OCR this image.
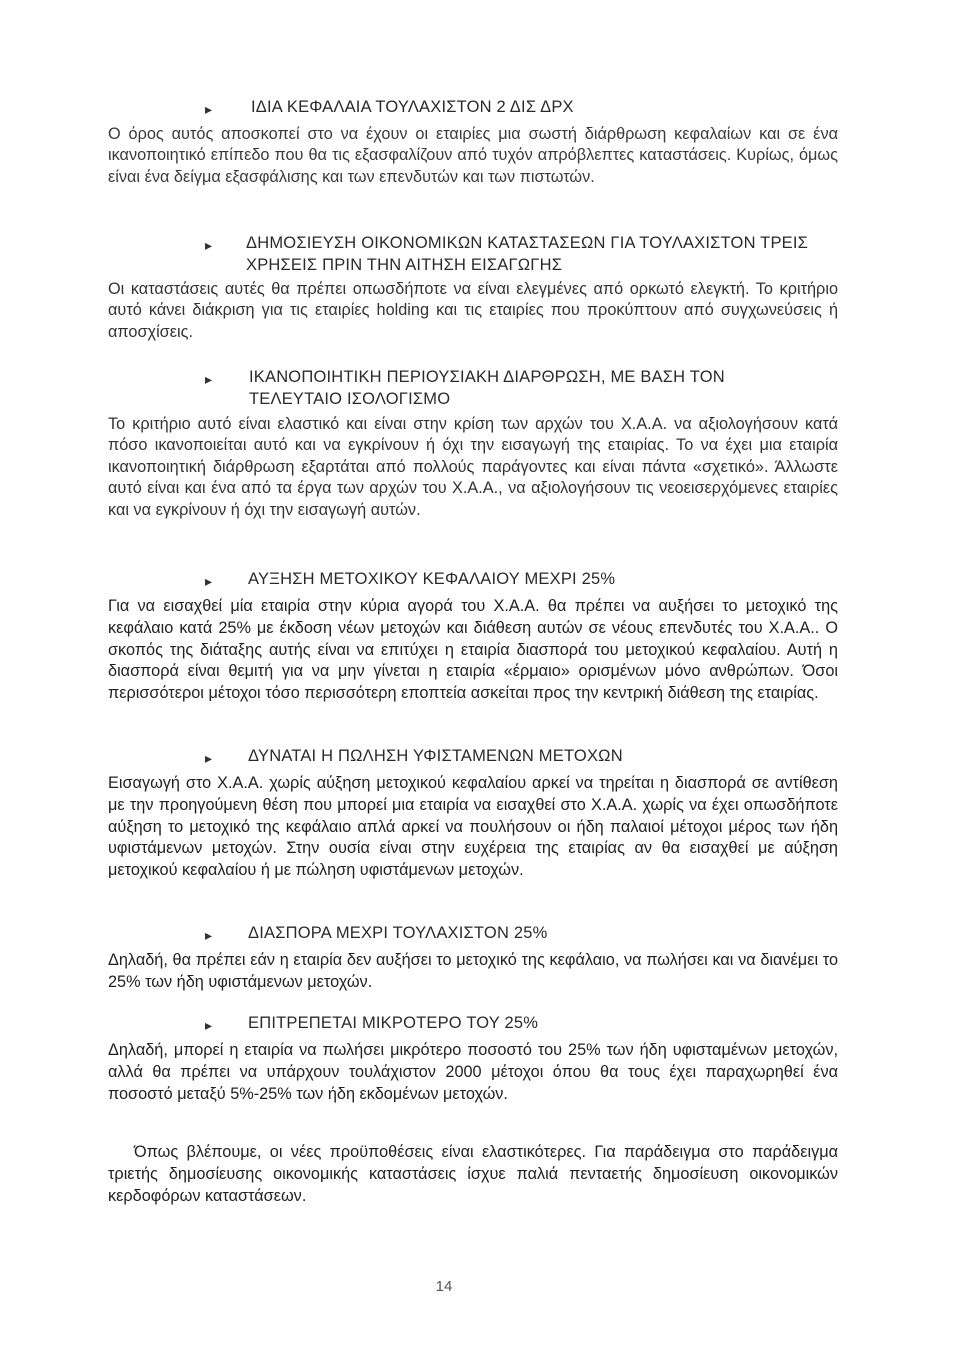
▸ ΙΔΙΑ ΚΕΦΑΛΑΙΑ ΤΟΥΛΑΧΙΣΤΟΝ 2 ΔΙΣ ΔΡΧ
Ο όρος αυτός αποσκοπεί στο να έχουν οι εταιρίες μια σωστή διάρθρωση κεφαλαίων και σε ένα ικανοποιητικό επίπεδο που θα τις εξασφαλίζουν από τυχόν απρόβλεπτες καταστάσεις. Κυρίως, όμως είναι ένα δείγμα εξασφάλισης και των επενδυτών και των πιστωτών.
▸ ΔΗΜΟΣΙΕΥΣΗ ΟΙΚΟΝΟΜΙΚΩΝ ΚΑΤΑΣΤΑΣΕΩΝ ΓΙΑ ΤΟΥΛΑΧΙΣΤΟΝ ΤΡΕΙΣ ΧΡΗΣΕΙΣ ΠΡΙΝ ΤΗΝ ΑΙΤΗΣΗ ΕΙΣΑΓΩΓΗΣ
Οι καταστάσεις αυτές θα πρέπει οπωσδήποτε να είναι ελεγμένες από ορκωτό ελεγκτή. Το κριτήριο αυτό κάνει διάκριση για τις εταιρίες holding και τις εταιρίες που προκύπτουν από συγχωνεύσεις ή αποσχίσεις.
▸ ΙΚΑΝΟΠΟΙΗΤΙΚΗ ΠΕΡΙΟΥΣΙΑΚΗ ΔΙΑΡΘΡΩΣΗ, ΜΕ ΒΑΣΗ ΤΟΝ ΤΕΛΕΥΤΑΙΟ ΙΣΟΛΟΓΙΣΜΟ
Το κριτήριο αυτό είναι ελαστικό και είναι στην κρίση των αρχών του Χ.Α.Α. να αξιολογήσουν κατά πόσο ικανοποιείται αυτό και να εγκρίνουν ή όχι την εισαγωγή της εταιρίας. Το να έχει μια εταιρία ικανοποιητική διάρθρωση εξαρτάται από πολλούς παράγοντες και είναι πάντα «σχετικό». Άλλωστε αυτό είναι και ένα από τα έργα των αρχών του Χ.Α.Α., να αξιολογήσουν τις νεοεισερχόμενες εταιρίες και να εγκρίνουν ή όχι την εισαγωγή αυτών.
▸ ΑΥΞΗΣΗ ΜΕΤΟΧΙΚΟΥ ΚΕΦΑΛΑΙΟΥ ΜΕΧΡΙ 25%
Για να εισαχθεί μία εταιρία στην κύρια αγορά του Χ.Α.Α. θα πρέπει να αυξήσει το μετοχικό της κεφάλαιο κατά 25% με έκδοση νέων μετοχών και διάθεση αυτών σε νέους επενδυτές του Χ.Α.Α.. Ο σκοπός της διάταξης αυτής είναι να επιτύχει η εταιρία διασπορά του μετοχικού κεφαλαίου. Αυτή η διασπορά είναι θεμιτή για να μην γίνεται η εταιρία «έρμαιο» ορισμένων μόνο ανθρώπων. Όσοι περισσότεροι μέτοχοι τόσο περισσότερη εποπτεία ασκείται προς την κεντρική διάθεση της εταιρίας.
▸ ΔΥΝΑΤΑΙ Η ΠΩΛΗΣΗ ΥΦΙΣΤΑΜΕΝΩΝ ΜΕΤΟΧΩΝ
Εισαγωγή στο Χ.Α.Α. χωρίς αύξηση μετοχικού κεφαλαίου αρκεί να τηρείται η διασπορά σε αντίθεση με την προηγούμενη θέση που μπορεί μια εταιρία να εισαχθεί στο Χ.Α.Α. χωρίς να έχει οπωσδήποτε αύξηση το μετοχικό της κεφάλαιο απλά αρκεί να πουλήσουν οι ήδη παλαιοί μέτοχοι μέρος των ήδη υφιστάμενων μετοχών. Στην ουσία είναι στην ευχέρεια της εταιρίας αν θα εισαχθεί με αύξηση μετοχικού κεφαλαίου ή με πώληση υφιστάμενων μετοχών.
▸ ΔΙΑΣΠΟΡΑ ΜΕΧΡΙ ΤΟΥΛΑΧΙΣΤΟΝ 25%
Δηλαδή, θα πρέπει εάν η εταιρία δεν αυξήσει το μετοχικό της κεφάλαιο, να πωλήσει και να διανέμει το 25% των ήδη υφιστάμενων μετοχών.
▸ ΕΠΙΤΡΕΠΕΤΑΙ ΜΙΚΡΟΤΕΡΟ ΤΟΥ 25%
Δηλαδή, μπορεί η εταιρία να πωλήσει μικρότερο ποσοστό του 25% των ήδη υφισταμένων μετοχών, αλλά θα πρέπει να υπάρχουν τουλάχιστον 2000 μέτοχοι όπου θα τους έχει παραχωρηθεί ένα ποσοστό μεταξύ 5%-25% των ήδη εκδομένων μετοχών.
Όπως βλέπουμε, οι νέες προϋποθέσεις είναι ελαστικότερες. Για παράδειγμα στο παράδειγμα τριετής δημοσίευσης οικονομικής καταστάσεις ίσχυε παλιά πενταετής δημοσίευση οικονομικών κερδοφόρων καταστάσεων.
14
